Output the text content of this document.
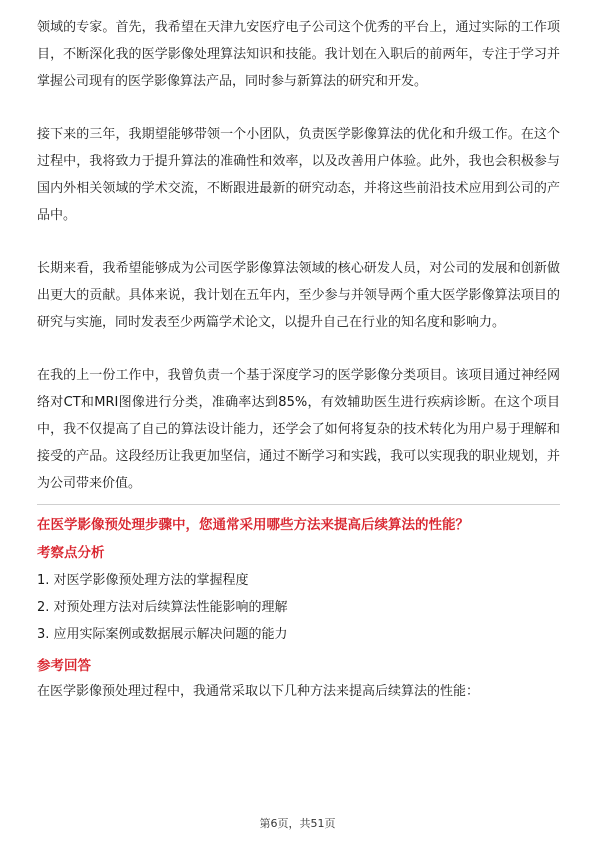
领域的专家。首先，我希望在天津九安医疗电子公司这个优秀的平台上，通过实际的工作项目，不断深化我的医学影像处理算法知识和技能。我计划在入职后的前两年，专注于学习并掌握公司现有的医学影像算法产品，同时参与新算法的研究和开发。

接下来的三年，我期望能够带领一个小团队，负责医学影像算法的优化和升级工作。在这个过程中，我将致力于提升算法的准确性和效率，以及改善用户体验。此外，我也会积极参与国内外相关领域的学术交流，不断跟进最新的研究动态，并将这些前沿技术应用到公司的产品中。

长期来看，我希望能够成为公司医学影像算法领域的核心研发人员，对公司的发展和创新做出更大的贡献。具体来说，我计划在五年内，至少参与并领导两个重大医学影像算法项目的研究与实施，同时发表至少两篇学术论文，以提升自己在行业的知名度和影响力。

在我的上一份工作中，我曾负责一个基于深度学习的医学影像分类项目。该项目通过神经网络对CT和MRI图像进行分类，准确率达到85%，有效辅助医生进行疾病诊断。在这个项目中，我不仅提高了自己的算法设计能力，还学会了如何将复杂的技术转化为用户易于理解和接受的产品。这段经历让我更加坚信，通过不断学习和实践，我可以实现我的职业规划，并为公司带来价值。

在医学影像预处理步骤中，您通常采用哪些方法来提高后续算法的性能？
考察点分析
1. 对医学影像预处理方法的掌握程度
2. 对预处理方法对后续算法性能影响的理解
3. 应用实际案例或数据展示解决问题的能力
参考回答

在医学影像预处理过程中，我通常采取以下几种方法来提高后续算法的性能：

第6页，共51页
